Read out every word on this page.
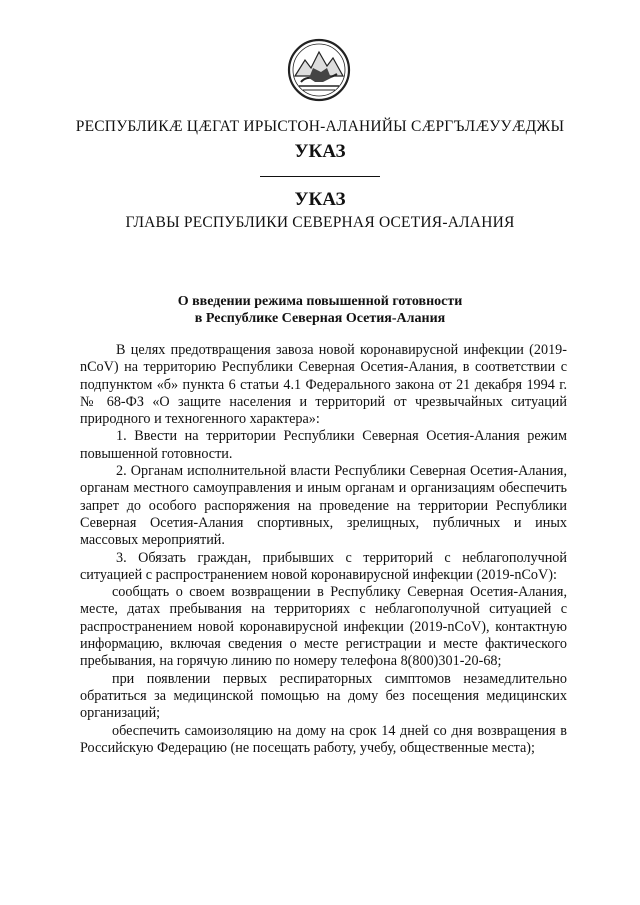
РЕСПУБЛИКÆ ЦÆГАТ ИРЫСТОН-АЛАНИЙЫ СÆРГЪЛÆУУÆДЖЫ
УКАЗ
УКАЗ
ГЛАВЫ РЕСПУБЛИКИ СЕВЕРНАЯ ОСЕТИЯ-АЛАНИЯ
О введении режима повышенной готовности
в Республике Северная Осетия-Алания

В целях предотвращения завоза новой коронавирусной инфекции (2019-nCoV) на территорию Республики Северная Осетия-Алания, в соответствии с подпунктом «б» пункта 6 статьи 4.1 Федерального закона от 21 декабря 1994 г. № 68-ФЗ «О защите населения и территорий от чрезвычайных ситуаций природного и техногенного характера»:

1. Ввести на территории Республики Северная Осетия-Алания режим повышенной готовности.

2. Органам исполнительной власти Республики Северная Осетия-Алания, органам местного самоуправления и иным органам и организациям обеспечить запрет до особого распоряжения на проведение на территории Республики Северная Осетия-Алания спортивных, зрелищных, публичных и иных массовых мероприятий.

3. Обязать граждан, прибывших с территорий с неблагополучной ситуацией с распространением новой коронавирусной инфекции (2019-nCoV):

сообщать о своем возвращении в Республику Северная Осетия-Алания, месте, датах пребывания на территориях с неблагополучной ситуацией с распространением новой коронавирусной инфекции (2019-nCoV), контактную информацию, включая сведения о месте регистрации и месте фактического пребывания, на горячую линию по номеру телефона 8(800)301-20-68;

при появлении первых респираторных симптомов незамедлительно обратиться за медицинской помощью на дому без посещения медицинских организаций;

обеспечить самоизоляцию на дому на срок 14 дней со дня возвращения в Российскую Федерацию (не посещать работу, учебу, общественные места);
